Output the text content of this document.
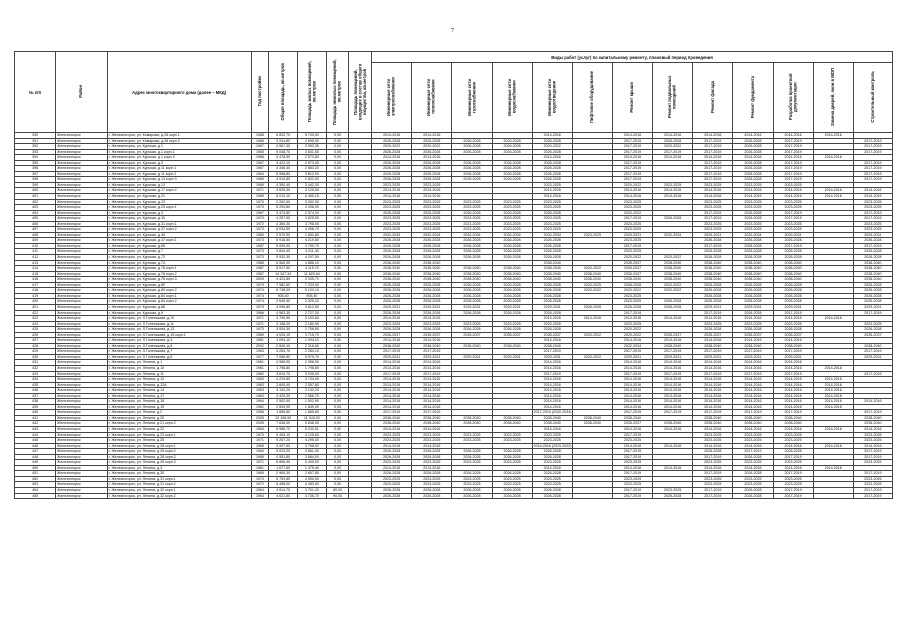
7
№ п/п	Район	Адрес многоквартирного дома (далее – МКД)	Год постройки	Общая площадь, кв.метров	Площадь жилых помещений, кв.метров	Площадь нежилых помещений, кв.метров	Площадь помещений, входящих в состав общего имущества, кв.метров	Виды работ (услуг) по капитальному ремонту, плановый период проведения												
								Инженерные сети электроснабжения	Инженерные сети теплоснабжения	Инженерные сети газоснабжения	Инженерные сети водоснабжения	Инженерные сети водоотведения	Лифтовое оборудование	Ремонт крыши	Ремонт подвальных помещений	Ремонт фасада	Ремонт фундамента	Разработка проектной документации	Замена дверей, окон в МОП	Строительный контроль
390	Железногорск	г. Железногорск, ул. Комарова, д.28 корп.1	1968	6 832,70	5 700,00	0,00		2014-2016	2014-2016			2014-2016		2014-2016	2014-2016	2014-2016	2014-2016	2014-2016	2014-2016	
391	Железногорск	г. Железногорск, ул. Комарова, д.28 корп.2	1968	3 241,60	2 695,00	0,00		2026-2028	2026-2028	2026-2028	2026-2028	2026-2028		2017-2019	2026-2028	2017-2019	2026-2028	2017-2019		2017-2019
392	Железногорск	г. Железногорск, ул. Курская, д.1	1967	4 567,30	3 953,35	0,00		2020-2022	2020-2022	2026-2028	2026-2028	2020-2022		2017-2019	2020-2022	2017-2019	2026-2028	2017-2019		2017-2019
393	Железногорск	г. Железногорск, ул. Курская, д.1 корп.1	1965	5 048,70	3 831,60	0,00		2026-2028	2026-2028	2026-2028	2026-2028	2026-2028		2017-2019	2017-2019	2017-2019	2026-2028	2017-2019		2017-2019
394	Железногорск	г. Железногорск, ул. Курская, д.1 корп.3	1966	3 478,50	2 573,80	0,00		2014-2016	2014-2016			2014-2016		2014-2016	2014-2016	2014-2016	2014-2016	2014-2016	2014-2016	
395	Железногорск	г. Железногорск, ул. Курская, д.3	1967	3 422,10	2 573,90	0,00		2026-2028	2026-2028	2026-2028	2026-2028	2026-2028		2017-2019		2017-2019	2026-2028	2017-2019		2017-2019
396	Железногорск	г. Железногорск, ул. Курская, д.11 корп.1	1967	4 346,40	2 583,20	0,00		2026-2028	2026-2028	2026-2028	2026-2028	2026-2028		2017-2019		2017-2019	2026-2028	2017-2019		2017-2019
397	Железногорск	г. Железногорск, ул. Курская, д.11 корп.2	1964	5 968,80	3 812,00	0,00		2026-2028	2026-2028	2026-2028	2026-2028	2026-2028		2017-2019		2017-2019	2026-2028	2017-2019		2017-2019
398	Железногорск	г. Железногорск, ул. Курская, д.13 корп.3	1965	4 910,80	2 832,90	0,00		2026-2028	2026-2028	2026-2028	2026-2028	2026-2028		2017-2019		2017-2019	2026-2028	2017-2019		2017-2019
399	Железногорск	г. Железногорск, ул. Курская, д.13	1969	4 350,40	3 442,30	0,00		2023-2025	2023-2025			2023-2025		2020-2022	2023-2025	2023-2025	2023-2025	2023-2025		
400	Железногорск	г. Железногорск, ул. Курская, д.17 корп.2	1971	3 625,30	3 125,50	0,00		2014-2016	2014-2016			2014-2016		2014-2016	2014-2016	2014-2016	2014-2016	2014-2016	2014-2016	2014-2016
401	Железногорск	г. Железногорск, ул. Курская, д.21	1969	8 012,10	6 450,10	0,00		2014-2016	2014-2016			2014-2016		2014-2016	2014-2016	2014-2016	2014-2016	2014-2016	2014-2016	2014-2016
402	Железногорск	г. Железногорск, ул. Курская, д.23	1970	2 262,00	3 262,00	0,00		2023-2025	2023-2025	2023-2025	2023-2025	2023-2025		2023-2025		2023-2025	2023-2025	2023-2025		2023-2025
403	Железногорск	г. Железногорск, ул. Курская, д.25 корп.1	1970	5 293,80	4 498,00	0,00		2023-2025	2023-2025	2023-2025	2023-2025	2023-2025		2023-2025		2023-2025	2023-2025	2023-2025		2023-2025
404	Железногорск	г. Железногорск, ул. Курская, д.3	1967	3 473,80	2 574,20	0,00		2026-2028	2026-2028	2026-2028	2026-2028	2026-2028		2020-2022		2017-2019	2026-2028	2017-2019		2017-2019
405	Железногорск	г. Железногорск, ул. Курская, д.30	1970	4 257,50	3 825,50	0,00		2023-2025	2023-2025	2023-2025	2023-2025	2023-2025		2017-2019	2026-2028	2017-2019	2026-2028	2017-2019		2017-2019
406	Железногорск	г. Железногорск, ул. Курская, д.31 корп.1	1972	4 365,30	3 798,00	0,00		2023-2025	2023-2025	2023-2025	2023-2025	2023-2025		2023-2025		2023-2025	2023-2025	2023-2025		2023-2025
407	Железногорск	г. Железногорск, ул. Курская, д.37 корп.2	1973	5 034,50	4 308,70	0,00		2023-2025	2023-2025	2023-2025	2023-2025	2023-2025		2023-2025		2023-2025	2023-2025	2023-2025		2023-2025
408	Железногорск	г. Железногорск, ул. Курская, д.45	1980	2 570,90	1 851,60	0,00		2032-2034	2032-2034	2032-2034	2032-2034	2032-2034	2023-2025	2029-2031	2032-2034	2029-2031	2032-2034	2029-2031		2029-2031
409	Железногорск	г. Железногорск, ул. Курская, д.47 корп.1	1973	5 918,50	4 219,50	0,00		2026-2028	2026-2028	2026-2028	2026-2028	2026-2028		2023-2025		2026-2028	2026-2028	2026-2028		2026-2028
410	Железногорск	г. Железногорск, ул. Курская, д.65	1987	5 009,90	3 790,70	0,00		2026-2028	2026-2028	2026-2028	2026-2028	2026-2028		2017-2019		2017-2019	2026-2028	2017-2019		2017-2019
411	Железногорск	г. Железногорск, ул. Курская, д.7	1973	3 844,40	3 311,40	0,00		2026-2028	2026-2028	2026-2028	2026-2028	2026-2028		2023-2025		2026-2028	2026-2028	2026-2028		2026-2028
412	Железногорск	г. Железногорск, ул. Курская, д.72	1973	5 932,30	4 207,50	0,00		2026-2028	2026-2028	2026-2028	2026-2028	2026-2028		2020-2022	2020-2022	2026-2028	2026-2028	2026-2028		2026-2028
413	Железногорск	г. Железногорск, ул. Курская, д.74	1985	6 565,30	4 886,10	0,00		2038-2040	2038-2040			2038-2040		2035-2037	2038-2040	2038-2040	2038-2040	2038-2040		2038-2040
414	Железногорск	г. Железногорск, ул. Курская, д.76 корп.1	1987	5 517,50	4 115,70	0,00		2038-2040	2038-2040	2038-2040	2038-2040	2038-2040	2020-2022	2035-2037	2038-2040	2038-2040	2038-2040	2038-2040		2038-2040
415	Железногорск	г. Железногорск, ул. Курская, д.76 корп.2	1987	14 347,34	11 829,54	0,00		2038-2040	2038-2040	2038-2040	2038-2040	2038-2040	2038-2040	2035-2037	2038-2040	2038-2040	2038-2040	2038-2040		2038-2040
416	Железногорск	г. Железногорск, ул. Курская, д.76 корп.3	2009	4 423,80	3 335,70	0,00		2038-2040	2038-2040	2038-2040	2038-2040	2038-2040	2038-2040	2038-2040	2038-2040	2038-2040	2038-2040	2038-2040		2038-2040
417	Железногорск	г. Железногорск, ул. Курская, д.80	1979	7 982,60	7 233,90	0,00		2026-2028	2026-2028	2026-2028	2026-2028	2026-2028	2023-2025	2026-2028	2020-2022	2026-2028	2026-2028	2026-2028		2026-2028
418	Железногорск	г. Железногорск, ул. Курская, д.80 корп.2	1974	6 738,00	5 103,10	0,00		2026-2028	2026-2028	2026-2028	2026-2028	2026-2028	2020-2022	2020-2022	2020-2022	2026-2028	2026-2028	2026-2028		2026-2028
419	Железногорск	г. Железногорск, ул. Курская, д.84 корп.1	1974	905,40	905,40	0,00		2026-2028	2026-2028	2026-2028	2026-2028	2026-2028		2023-2025		2026-2028	2026-2028	2026-2028		2026-2028
420	Железногорск	г. Железногорск, ул. Курская, д.84 корп.2	1974	2 645,40	2 325,20	0,00		2026-2028	2026-2028	2026-2028	2026-2028	2026-2028		2023-2025	2026-2028	2026-2028	2026-2028	2026-2028		2026-2028
421	Железногорск	г. Железногорск, ул. Курская, д.88	1979	4 096,80	3 812,50	0,00		2029-2031	2029-2031	2029-2031	2029-2031	2029-2031	2026-2028	2026-2028	2026-2028	2029-2031	2029-2031	2029-2031		2029-2031
422	Железногорск	г. Железногорск, ул. Курская, д.9	1966	4 983,30	2 727,20	0,00		2026-2028	2026-2028	2026-2028	2026-2028	2026-2028		2017-2019		2017-2019	2026-2028	2017-2019		2017-2019
423	Железногорск	г. Железногорск, ул. Л.Голенькова, д.10	1971	3 790,50	3 193,80	0,00		2014-2016	2014-2016			2014-2016	2014-2016	2014-2016	2014-2016	2014-2016	2014-2016	2014-2016	2014-2016	
424	Железногорск	г. Железногорск, ул. Л.Голенькова, д.11	1971	3 198,20	2 180,90	0,00		2023-2025	2023-2025	2023-2025	2023-2025	2023-2025		2023-2025		2023-2025	2023-2025	2023-2025		2023-2025
425	Железногорск	г. Железногорск, ул. Л.Голенькова, д.13	1973	3 534,30	2 708,50	0,00		2026-2028	2026-2028	2026-2028	2026-2028	2026-2028		2020-2022		2026-2028	2026-2028	2026-2028		2026-2028
426	Железногорск	г. Железногорск, ул. Л.Голенькова, д.15 корп.1	1989	4 025,10	3 715,70	0,00		2035-2037	2035-2037	2035-2037	2035-2037	2035-2037	2020-2022	2020-2022	2035-2037	2035-2037	2035-2037	2035-2037		2035-2037
427	Железногорск	г. Железногорск, ул. Л.Голенькова, д.3	1961	1 094,10	1 094,10	0,00		2014-2016	2014-2016			2014-2016		2014-2016	2014-2016	2014-2016	2014-2016	2014-2016		
428	Железногорск	г. Железногорск, ул. Л.Голенькова, д.6	2002	2 849,10	2 316,60	0,00		2038-2040	2038-2040	2038-2040	2038-2040	2038-2040		2032-2034	2038-2040	2038-2040	2038-2040	2038-2040		2038-2040
429	Железногорск	г. Железногорск, ул. Л.Голенькова, д.7	1963	3 263,70	2 284,10	0,00		2017-2019	2017-2019			2017-2019		2017-2019	2017-2019	2017-2019	2017-2019	2017-2019		2017-2019
430	Железногорск	г. Железногорск, ул. Л.Голенькова, д.8	1977	7 065,50	5 579,70	0,00		2029-2031	2029-2031	2029-2031	2029-2031	2029-2031	2020-2022	2029-2031	2029-2031	2029-2031	2029-2031	2029-2031		2029-2031
431	Железногорск	г. Железногорск, ул. Ленина, д.1	1961	2 956,90	2 956,90	0,00		2014-2016	2014-2016			2014-2016		2014-2016	2014-2016	2014-2016	2014-2016	2014-2016		
432	Железногорск	г. Железногорск, ул. Ленина, д.10	1961	1 798,80	1 798,80	0,00		2014-2016	2014-2016			2014-2016		2014-2016	2014-2016	2014-2016	2014-2016	2014-2016	2014-2016	
433	Железногорск	г. Железногорск, ул. Ленина, д.11	1962	3 810,70	3 230,00	0,00		2017-2019	2017-2019			2017-2019		2017-2019	2017-2019	2017-2019	2017-2019	2017-2019		2017-2019
434	Железногорск	г. Железногорск, ул. Ленина, д.12	1963	4 229,80	3 734,90	0,00		2014-2016	2014-2016			2014-2016		2014-2016	2014-2016	2014-2016	2014-2016	2014-2016	2014-2016	
435	Железногорск	г. Железногорск, ул. Ленина, д.12А	1963	3 605,40	2 557,80	0,00		2014-2016	2014-2016			2014-2016		2014-2016	2014-2016	2014-2016	2014-2016	2014-2016	2014-2016	
436	Железногорск	г. Железногорск, ул. Ленина, д.14	1963	3 132,20	3 132,20	0,00		2014-2016	2014-2016			2014-2016		2014-2016	2014-2016	2014-2016	2014-2016	2014-2016	2014-2016	
437	Железногорск	г. Железногорск, ул. Ленина, д.17	1963	3 429,30	2 566,70	0,00		2014-2016	2014-2016			2014-2016		2014-2016	2014-2016	2014-2016	2014-2016	2014-2016	2014-2016	
438	Железногорск	г. Железногорск, ул. Ленина, д.18	1964	2 502,90	1 502,90	0,00		2014-2016	2014-2016			2014-2016		2014-2016	2014-2016	2014-2016	2014-2016	2014-2016	2014-2016	2014-2016
439	Железногорск	г. Железногорск, ул. Ленина, д.19	1962	2 849,00	1 849,00	0,00		2014-2016	2014-2016			2014-2016		2014-2016	2014-2016	2014-2016	2014-2016	2014-2016	2014-2016	
440	Железногорск	г. Железногорск, ул. Ленина, д.2	1958	1 689,60	1 689,60	0,00		2017-2019	2017-2019			2017-2019 (2032-2034)		2017-2019	2017-2019	2017-2019	2017-2019	2017-2019		2017-2019
441	Железногорск	г. Железногорск, ул. Ленина, д.20	2005	13 108,90	11 343,00	0,00		2038-2040	2038-2040	2038-2040	2038-2040	2038-2040	2038-2040	2038-2040		2038-2040	2038-2040	2038-2040		2038-2040
442	Железногорск	г. Железногорск, ул. Ленина, д.21 корп.2	2005	7 638,00	5 848,00	0,00		2038-2040	2038-2040	2038-2040	2038-2040	2038-2040	2038-2040	2035-2037	2038-2040	2038-2040	2038-2040	2038-2040		2038-2040
443	Железногорск	г. Железногорск, ул. Ленина, д.22	1964	6 986,70	5 240,61	0,00		2014-2016	2014-2016			2014-2016		2014-2016	2014-2016	2014-2016	2014-2016	2014-2016	2014-2016	2014-2016
444	Железногорск	г. Железногорск, ул. Ленина, д.23 корп.1	1970	4 405,10	3 125,60	0,00		2023-2025	2023-2025	2023-2025	2023-2025	2023-2025		2017-2019		2023-2025	2023-2025	2023-2025		2023-2025
445	Железногорск	г. Железногорск, ул. Ленина, д.25	1971	5 267,20	4 295,00	0,00		2023-2025	2023-2025	2023-2025	2023-2025	2023-2025		2023-2025		2023-2025	2023-2025	2023-2025		2023-2025
446	Железногорск	г. Железногорск, ул. Ленина, д.26 корп.1	1965	4 997,50	3 768,52	0,00		2014-2016	2014-2016			2014-2016 (2020-2022)		2014-2016	2014-2016	2014-2016	2014-2016	2014-2016	2014-2016	2014-2016
447	Железногорск	г. Железногорск, ул. Ленина, д.26 корп.2	1964	5 023,20	3 861,00	0,00		2026-2028	2026-2028	2026-2028	2026-2028	2026-2028		2017-2019		2026-2028	2017-2019	2026-2028		2017-2019
448	Железногорск	г. Железногорск, ул. Ленина, д.28 корп.2	1965	4 951,80	3 884,00	0,00		2026-2028	2026-2028	2026-2028	2026-2028	2026-2028		2017-2019		2017-2019	2026-2028	2017-2019		2017-2019
449	Железногорск	г. Железногорск, ул. Ленина, д.28 корп.3	1971	6 856,90	5 400,00	0,00		2023-2025	2023-2025	2023-2025	2023-2025	2023-2025		2023-2025		2023-2025	2023-2025	2023-2025		2023-2025
450	Железногорск	г. Железногорск, ул. Ленина, д.3	1961	1 677,60	1 475,40	0,00		2014-2016	2014-2016			2014-2016		2014-2016	2014-2016	2014-2016	2014-2016	2014-2016	2014-2016	
451	Железногорск	г. Железногорск, ул. Ленина, д.30	1965	2 965,30	2 657,80	0,00		2026-2028	2026-2028	2026-2028	2026-2028	2026-2028		2017-2019		2017-2019	2026-2028	2017-2019		2017-2019
452	Железногорск	г. Железногорск, ул. Ленина, д.31 корп.1	1970	5 753,80	4 590,50	0,00		2023-2025	2023-2025	2023-2025	2023-2025	2023-2025		2023-2025		2023-2025	2023-2025	2023-2025		2023-2025
453	Железногорск	г. Железногорск, ул. Ленина, д.31 корп.2	1972	6 458,00	4 483,50	0,00		2023-2025	2023-2025	2023-2025	2023-2025	2023-2025		2023-2025		2023-2025	2023-2025	2023-2025		2023-2025
454	Железногорск	г. Железногорск, ул. Ленина, д.32 корп.1	1964	4 814,70	3 701,20	80,00		2026-2028	2026-2028	2026-2028	2026-2028	2026-2028		2017-2019	2023-2025	2017-2019	2026-2028	2017-2019		2017-2019
455	Железногорск	г. Железногорск, ул. Ленина, д.32 корп.2	1964	4 621,50	3 736,70	90,00		2026-2028	2026-2028	2026-2028	2026-2028	2026-2028		2017-2019	2026-2028	2017-2019	2026-2028	2017-2019		2017-2019
